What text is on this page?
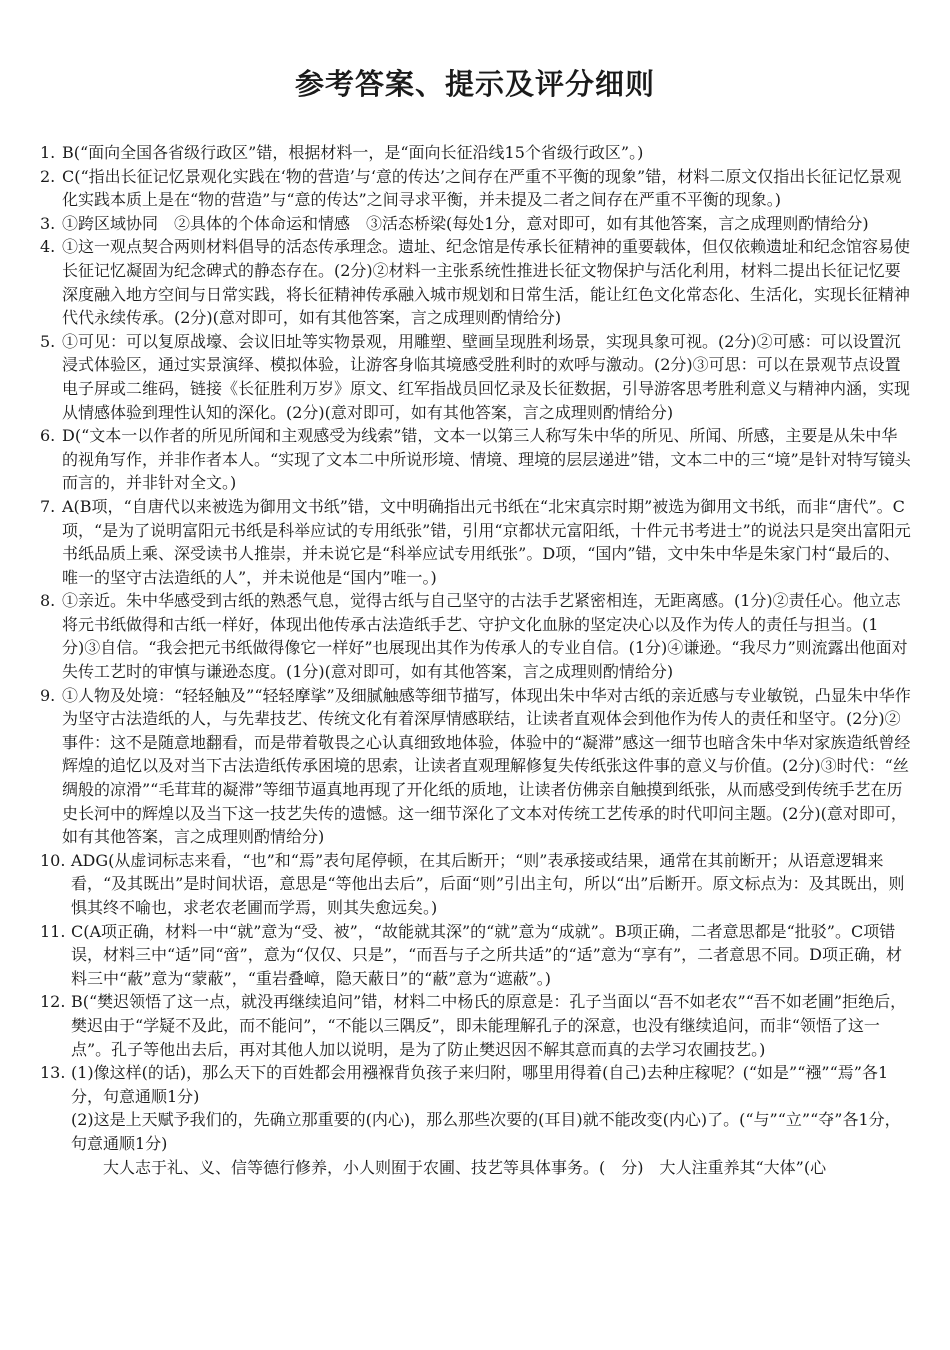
参考答案、提示及评分细则
1. B(“面向全国各省级行政区”错，根据材料一，是“面向长征沿线15个省级行政区”。)
2. C(“指出长征记忆景观化实践在‘物的营造’与‘意的传达’之间存在严重不平衡的现象”错，材料二原文仅指出长征记忆景观化实践本质上是在“物的营造”与“意的传达”之间寻求平衡，并未提及二者之间存在严重不平衡的现象。)
3. ①跨区域协同　②具体的个体命运和情感　③活态桥梁(每处1分，意对即可，如有其他答案，言之成理则酌情给分)
4. ①这一观点契合两则材料倡导的活态传承理念。遗址、纪念馆是传承长征精神的重要载体，但仅依赖遗址和纪念馆容易使长征记忆凝固为纪念碑式的静态存在。(2分)②材料一主张系统性推进长征文物保护与活化利用，材料二提出长征记忆要深度融入地方空间与日常实践，将长征精神传承融入城市规划和日常生活，能让红色文化常态化、生活化，实现长征精神代代永续传承。(2分)(意对即可，如有其他答案，言之成理则酌情给分)
5. ①可见：可以复原战壕、会议旧址等实物景观，用雕塑、壁画呈现胜利场景，实现具象可视。(2分)②可感：可以设置沉浸式体验区，通过实景演绎、模拟体验，让游客身临其境感受胜利时的欢呼与激动。(2分)③可思：可以在景观节点设置电子屏或二维码，链接《长征胜利万岁》原文、红军指战员回忆录及长征数据，引导游客思考胜利意义与精神内涵，实现从情感体验到理性认知的深化。(2分)(意对即可，如有其他答案，言之成理则酌情给分)
6. D(“文本一以作者的所见所闻和主观感受为线索”错，文本一以第三人称写朱中华的所见、所闻、所感，主要是从朱中华的视角写作，并非作者本人。“实现了文本二中所说形境、情境、理境的层层递进”错，文本二中的三“境”是针对特写镜头而言的，并非针对全文。)
7. A(B项，“自唐代以来被选为御用文书纸”错，文中明确指出元书纸在“北宋真宗时期”被选为御用文书纸，而非“唐代”。C项，“是为了说明富阳元书纸是科举应试的专用纸张”错，引用“京都状元富阳纸，十件元书考进士”的说法只是突出富阳元书纸品质上乘、深受读书人推崇，并未说它是“科举应试专用纸张”。D项，“国内”错，文中朱中华是朱家门村“最后的、唯一的坚守古法造纸的人”，并未说他是“国内”唯一。)
8. ①亲近。朱中华感受到古纸的熟悉气息，觉得古纸与自己坚守的古法手艺紧密相连，无距离感。(1分)②责任心。他立志将元书纸做得和古纸一样好，体现出他传承古法造纸手艺、守护文化血脉的坚定决心以及作为传人的责任与担当。(1分)③自信。“我会把元书纸做得像它一样好”也展现出其作为传承人的专业自信。(1分)④谦逊。“我尽力”则流露出他面对失传工艺时的审慎与谦逊态度。(1分)(意对即可，如有其他答案，言之成理则酌情给分)
9. ①人物及处境：“轻轻触及”“轻轻摩挲”及细腻触感等细节描写，体现出朱中华对古纸的亲近感与专业敏锐，凸显朱中华作为坚守古法造纸的人，与先辈技艺、传统文化有着深厚情感联结，让读者直观体会到他作为传人的责任和坚守。(2分)②事件：这不是随意地翻看，而是带着敬畏之心认真细致地体验，体验中的“凝滞”感这一细节也暗含朱中华对家族造纸曾经辉煌的追忆以及对当下古法造纸传承困境的思索，让读者直观理解修复失传纸张这件事的意义与价值。(2分)③时代：“丝绸般的凉滑”“毛茸茸的凝滞”等细节逼真地再现了开化纸的质地，让读者仿佛亲自触摸到纸张，从而感受到传统手艺在历史长河中的辉煌以及当下这一技艺失传的遗憾。这一细节深化了文本对传统工艺传承的时代叩问主题。(2分)(意对即可，如有其他答案，言之成理则酌情给分)
10. ADG(从虚词标志来看，“也”和“焉”表句尾停顿，在其后断开；“则”表承接或结果，通常在其前断开；从语意逻辑来看，“及其既出”是时间状语，意思是“等他出去后”，后面“则”引出主句，所以“出”后断开。原文标点为：及其既出，则惧其终不喻也，求老农老圃而学焉，则其失愈远矣。)
11. C(A项正确，材料一中“就”意为“受、被”，“故能就其深”的“就”意为“成就”。B项正确，二者意思都是“批驳”。C项错误，材料三中“适”同“啻”，意为“仅仅、只是”，“而吾与子之所共适”的“适”意为“享有”，二者意思不同。D项正确，材料三中“蔽”意为“蒙蔽”，“重岩叠嶂，隐天蔽日”的“蔽”意为“遮蔽”。)
12. B(“樊迟领悟了这一点，就没再继续追问”错，材料二中杨氏的原意是：孔子当面以“吾不如老农”“吾不如老圃”拒绝后，樊迟由于“学疑不及此，而不能问”，“不能以三隅反”，即未能理解孔子的深意，也没有继续追问，而非“领悟了这一点”。孔子等他出去后，再对其他人加以说明，是为了防止樊迟因不解其意而真的去学习农圃技艺。)
13. (1)像这样(的话)，那么天下的百姓都会用襁褓背负孩子来归附，哪里用得着(自己)去种庄稼呢？(“如是”“襁”“焉”各1分，句意通顺1分)
(2)这是上天赋予我们的，先确立那重要的(内心)，那么那些次要的(耳目)就不能改变(内心)了。(“与”“立”“夺”各1分，句意通顺1分)
大人志于礼、义、信等德行修养，小人则囿于农圃、技艺等具体事务。(　分)　大人注重养其“大体”(心
